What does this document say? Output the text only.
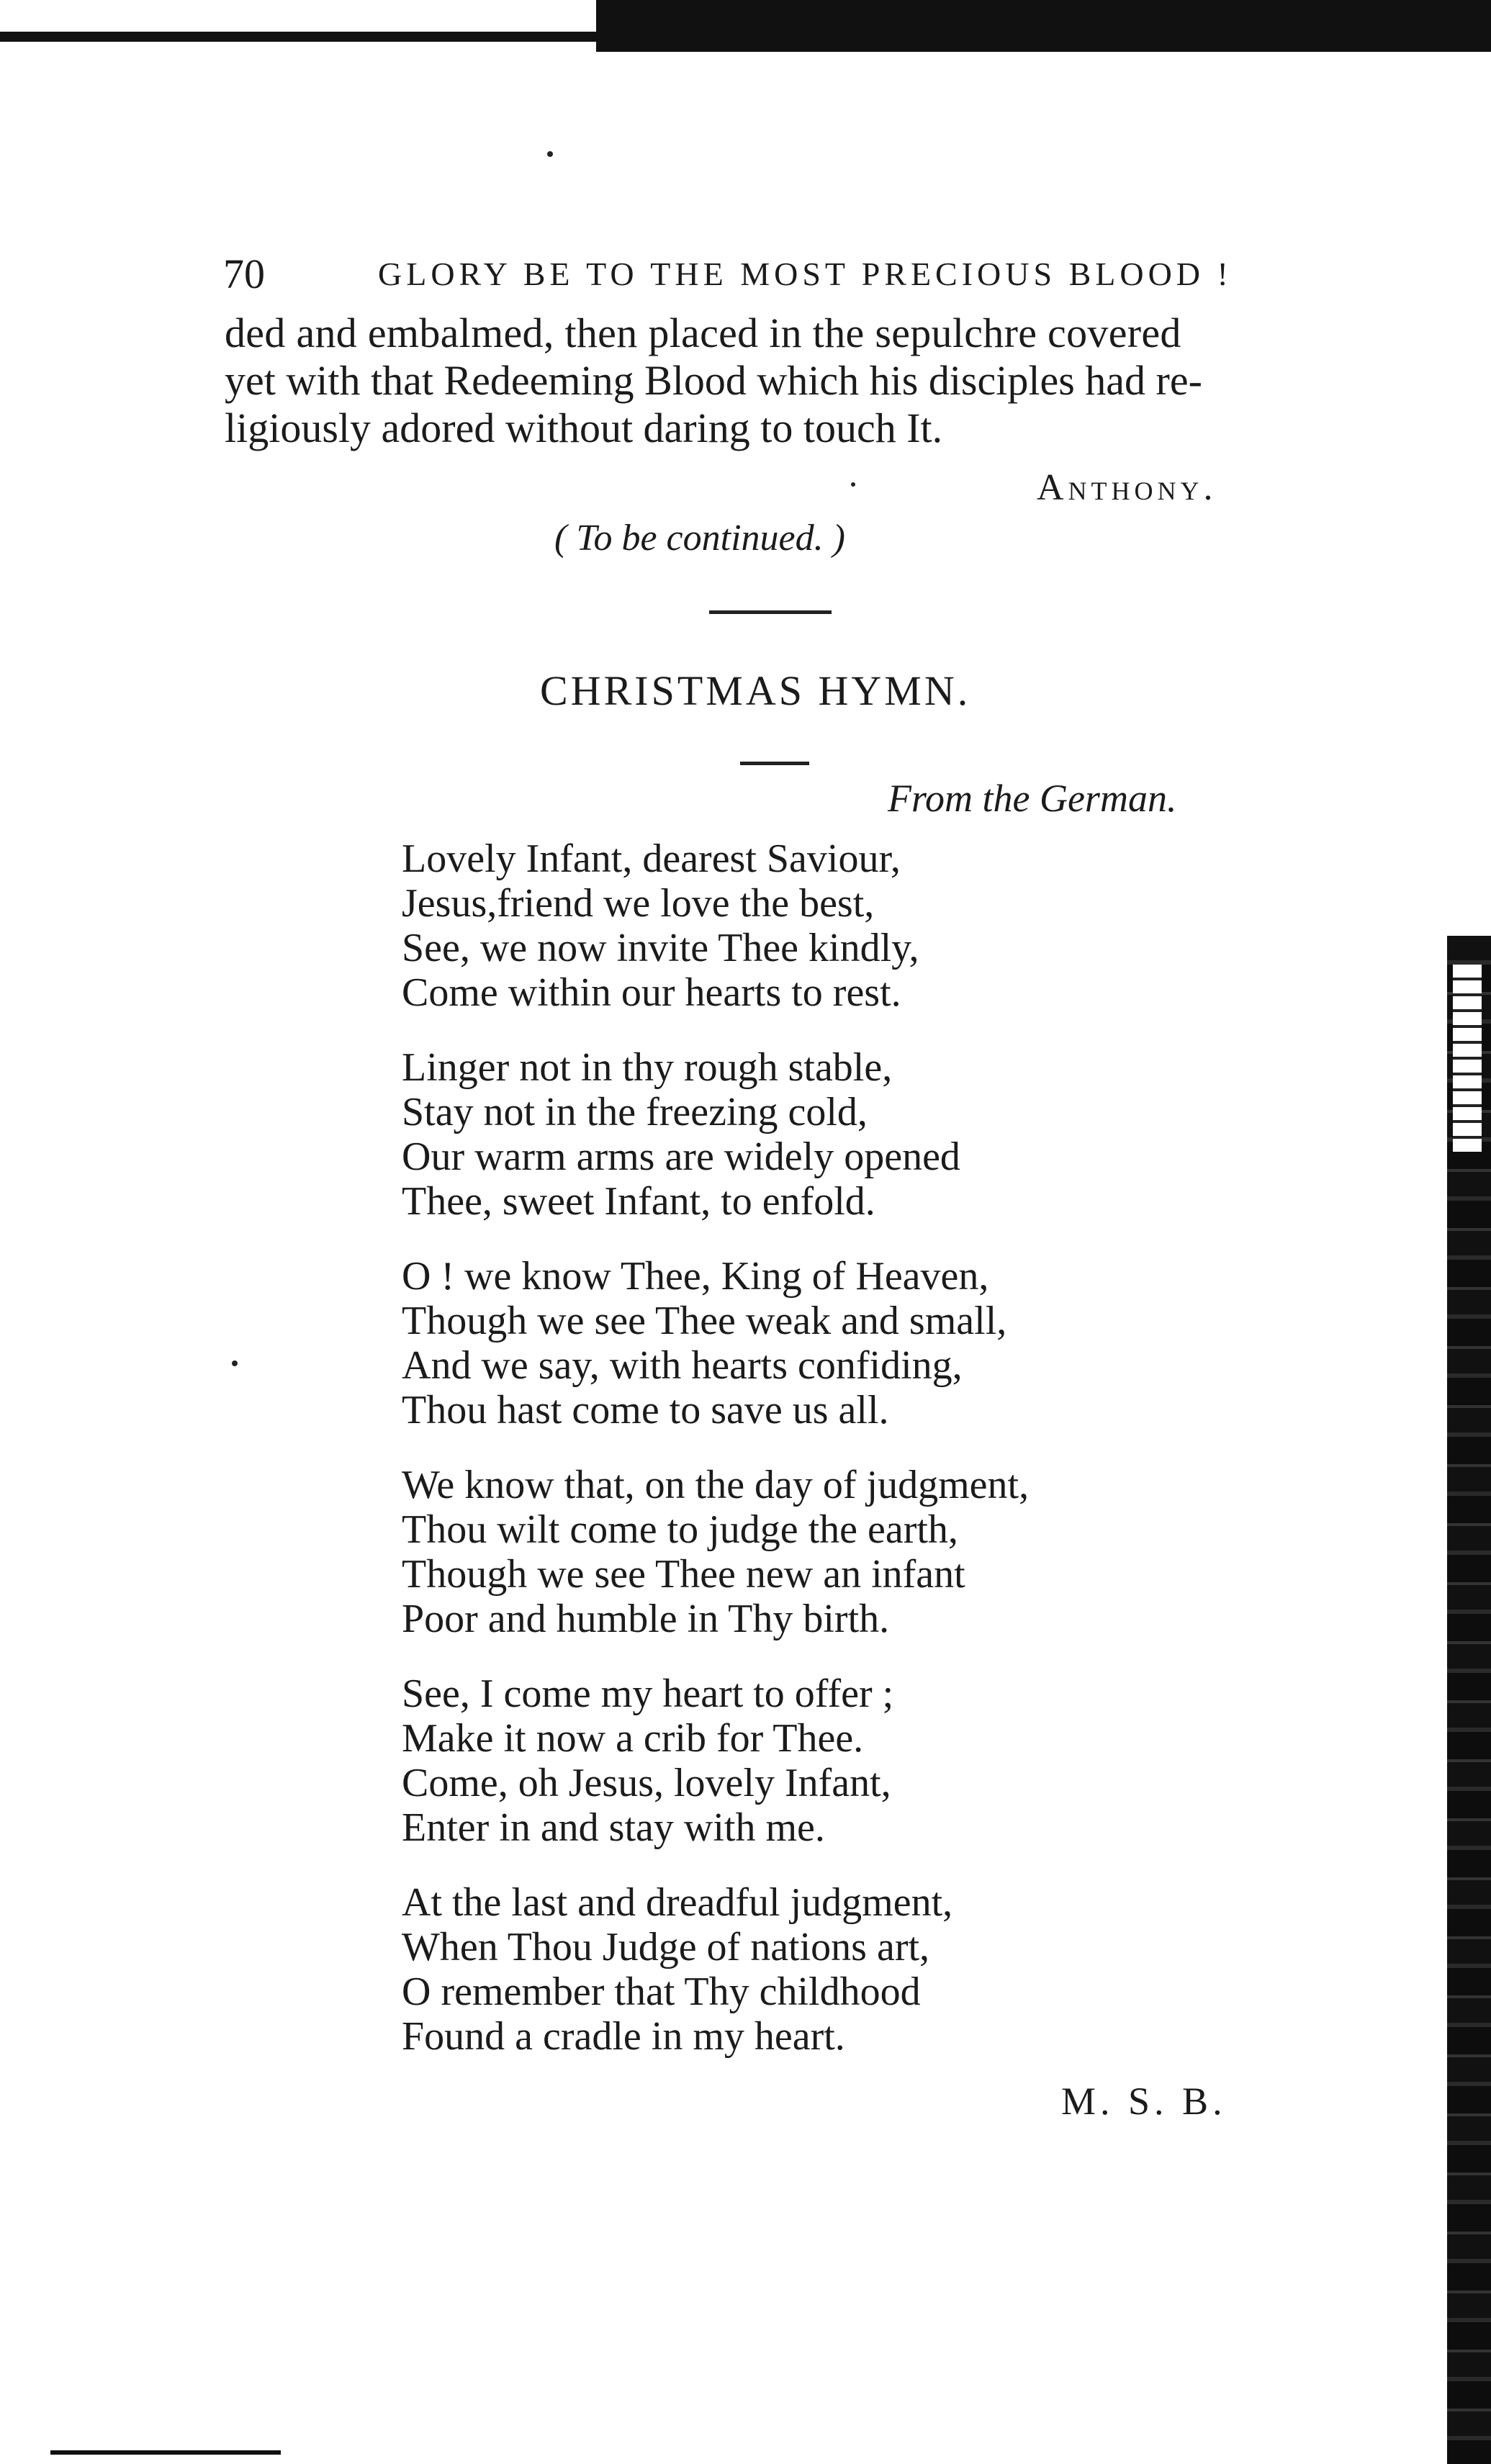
70	GLORY BE TO THE MOST PRECIOUS BLOOD !
ded and embalmed, then placed in the sepulchre covered
yet with that Redeeming Blood which his disciples had re-
ligiously adored without daring to touch It.
Anthony.
( To be continued. )
CHRISTMAS HYMN.
From the German.
Lovely Infant, dearest Saviour,
Jesus,friend we love the best,
See, we now invite Thee kindly,
Come within our hearts to rest.
Linger not in thy rough stable,
Stay not in the freezing cold,
Our warm arms are widely opened
Thee, sweet Infant, to enfold.
O ! we know Thee, King of Heaven,
Though we see Thee weak and small,
And we say, with hearts confiding,
Thou hast come to save us all.
We know that, on the day of judgment,
Thou wilt come to judge the earth,
Though we see Thee new an infant
Poor and humble in Thy birth.
See, I come my heart to offer ;
Make it now a crib for Thee.
Come, oh Jesus, lovely Infant,
Enter in and stay with me.
At the last and dreadful judgment,
When Thou Judge of nations art,
O remember that Thy childhood
Found a cradle in my heart.
M. S. B.
